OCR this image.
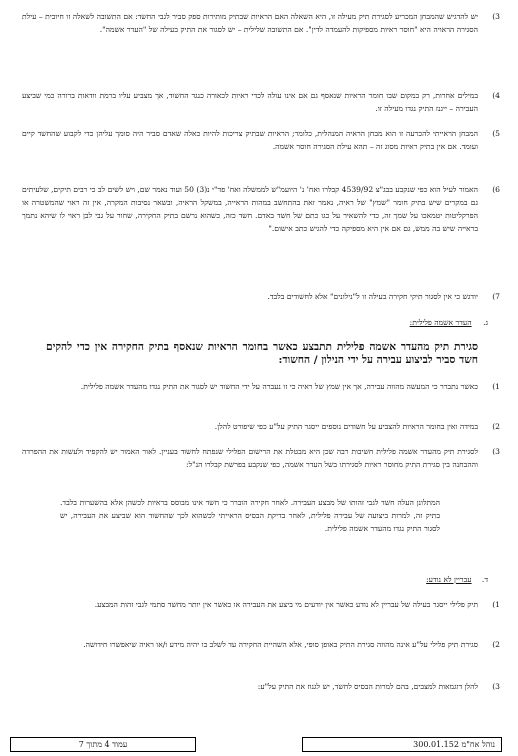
3)
יש להדגיש שהמבחן המכריע לסגירת תיק מעילה זו, היא השאלה האם הראיות שבתיק מותירות ספק סביר לגבי החשד: אם התשובה לשאלה זו חיובית – עילת הסגירה הראויה היא "חוסר ראיות מספיקות להעמדה לדין". אם התשובה שלילית – יש לסגור את התיק בעילה של "העדר אשמה".
4)
במילים אחרות, רק במקום שבו חומר הראיות שנאסף גם אם אינו עולה לכדי ראיות לכאורה כנגד החשוד, אך מצביע עליו ברמת וודאות ברורה כמי שביצע העבירה – ייגנז התיק נגדו מעילה זו.
5)
המבחן הראייתי להכרעה זו הוא מבחן הראיה המנהלית, כלומר; הראיות שבתיק צריכות להיות כאלה שאדם סביר היה סומך עליהן כדי לקבוע שהחשד קיים ועומד. אם אין בתיק ראיות מסוג זה – תהא עילת הסגירה חוסר אשמה.
6)
האמור לעיל הוא כפי שנקבע בבג"צ 4539/92 קבלרו ואח' נ' היועמ"ש לממשלה ואח' פד"י נ(3) 50 ועוד נאמר שם, ויש לשים לב כי רבים תיקים, שלעיתים גם במקרים שיש בתיק חומר "שמץ" של ראיה, נאמר זאת בהתחשב במהות הראייה, במשקל הראיה, ובשאר נסיבות המקרה, אין זה ראוי שהמשטרה או הפרקליטות יטמאכו על שמך זה, כדי להשאיר על כגו כתם של חשד באדם. חשד כזה, כשהוא נרשם בתיק החקירה, שחור על גבי לבן ראוי לו שיהא נתמך בראייה שיש בה ממש, גם אם אין היא מספיקה כדי להגיש כתב אישום."
7)
יודגש כי אין לסגור תיקי חקירה בעילה זו ל"נילונים" אלא לחשודים בלבד.
ג. העדר אשמה פלילית:
סגירת תיק מהעדר אשמה פלילית תתבצע כאשר בחומר הראיות שנאסף בתיק החקירה אין כדי להקים חשד סביר לביצוע עבירה על ידי הנילון / החשוד:
1)
כאשר נתברר כי המעשה מהווה עבירה, אך אין שמץ של ראיה כי זו נעברה על ידי החשוד יש לסגור את התיק נגדו מהעדר אשמה פלילית.
2)
במידה ואין בחומר הראיות להצביע על חשודים נוספים ייסגר התיק על"ע כפי שיפורט להלן.
3)
לסגירת תיק מהעדר אשמה פלילית חשיבות רבה שכן היא מבטלת את הרישום הפלילי שנפתח לחשוד בעניין. לאור האמור יש להקפיד ולעשות את ההפרדה וההבחנה בין סגירת התיק מחוסר ראיות לסגירתו בשל העדר אשמה, כפי שנקבע בפרשת קבלרו הנ"ל:
המתלונן העלה חשד לגבי זהותו של מבצע העבירה. לאחר חקירה הוברר כי חשד אינו מבוסס בראיות לכשהן אלא בהשערות בלבד. בתיק זה, למרות ביצועה של עבירה פלילית, לאחר בדיקת הבסיס הראייתי לכשהוא לכך שהחשוד הוא שביצע את העבירה, יש לסגור התיק נגדו מהעדר אשמה פלילית.
ד. עבריין לא נודע:
1)
תיק פלילי ייסגר בעילה של עבריין לא נודע כאשר אין יודעים מי ביצע את העבירה או כאשר אין יותר מחשד סתמי לגבי זהות המבצע.
2)
סגירת תיק פלילי על"ע אינה מהווה סגירת התיק באופן סופי, אלא השהיית החקירה עד לשלב בו יהיה מידע ו/או ראיה שיאפשרו חידושה.
3)
להלן דוגמאות למצבים, בהם למרות הבסיס לחשד, יש לגנוז את התיק על"ע:
נוהל אח"מ 300.01.152
עמוד 4 מתוך 7
